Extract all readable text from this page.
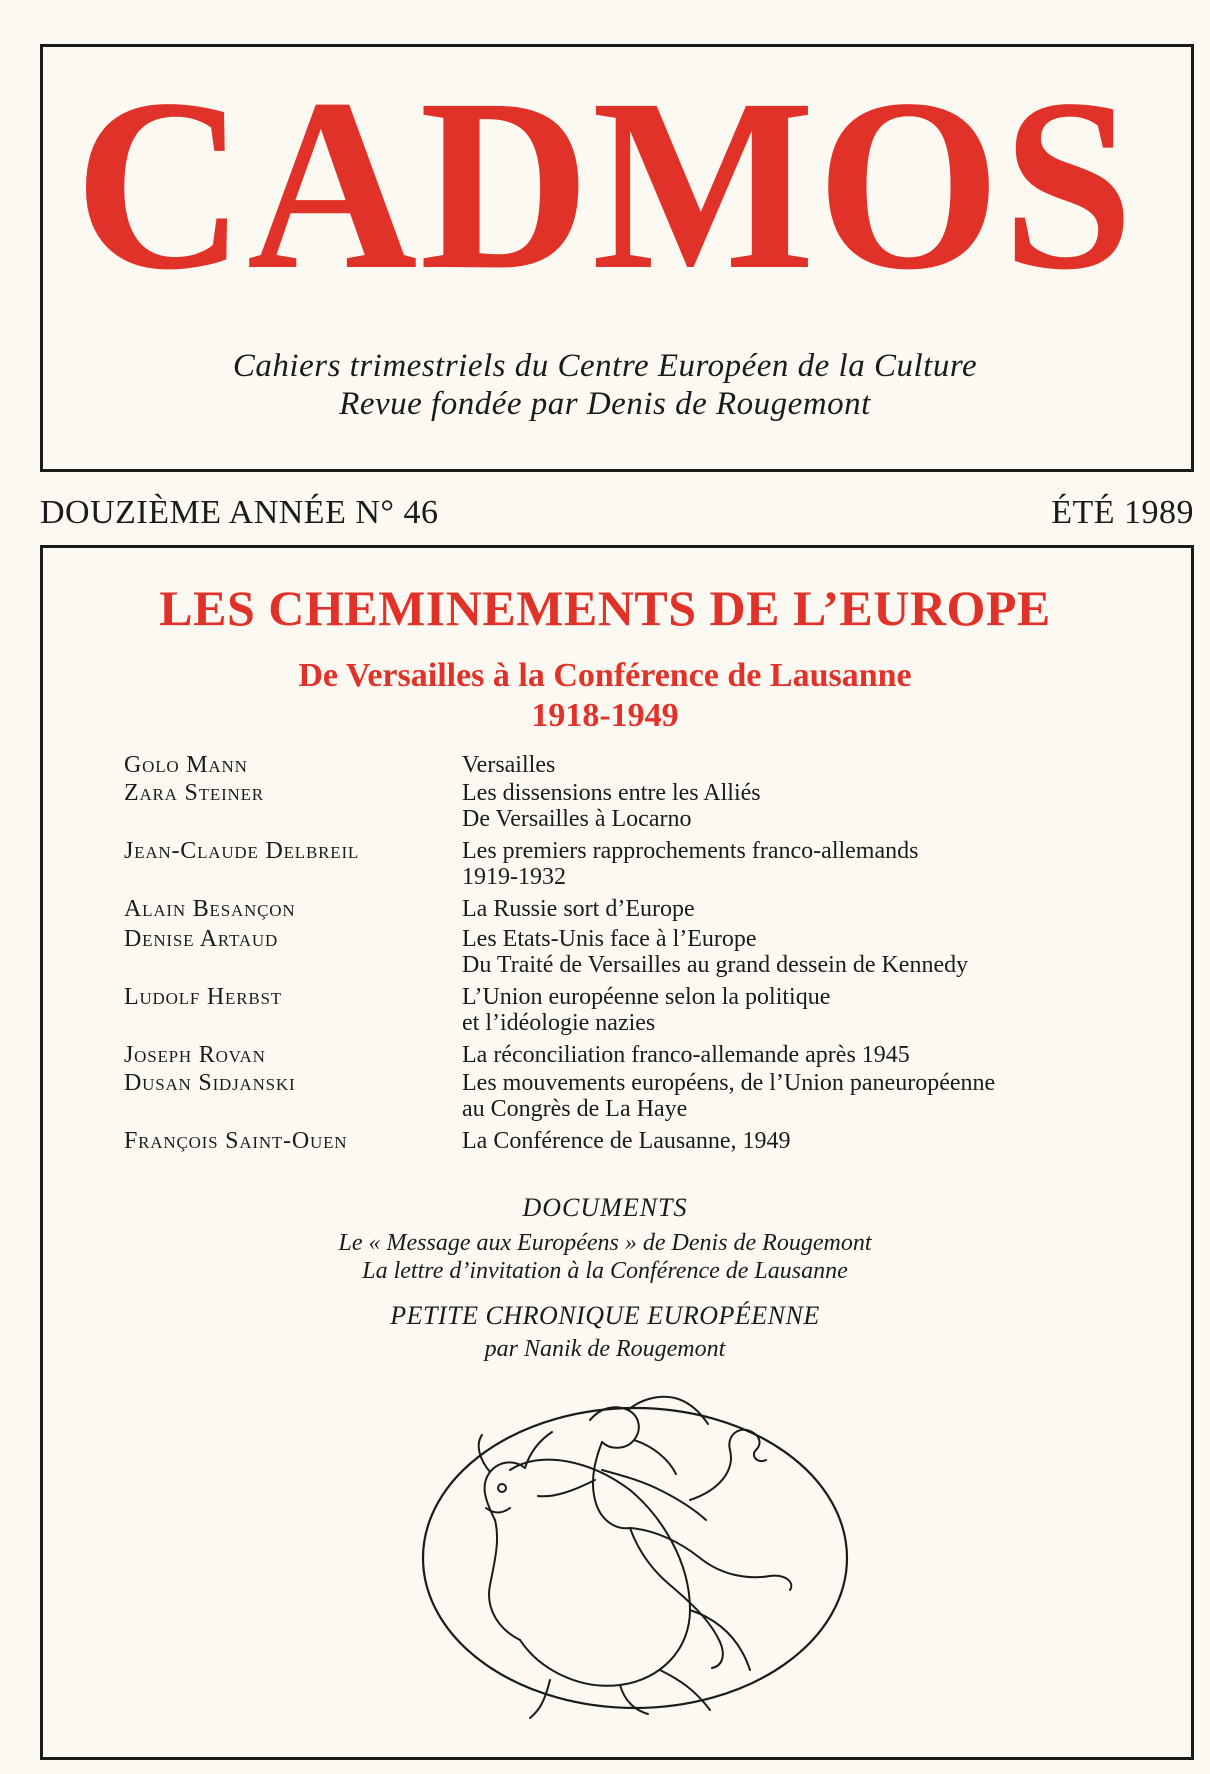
CADMOS
Cahiers trimestriels du Centre Européen de la Culture
Revue fondée par Denis de Rougemont
DOUZIÈME ANNÉE N° 46	ÉTÉ 1989
LES CHEMINEMENTS DE L’EUROPE
De Versailles à la Conférence de Lausanne
1918-1949
Golo Mann	Versailles
Zara Steiner	Les dissensions entre les Alliés
De Versailles à Locarno
Jean-Claude Delbreil	Les premiers rapprochements franco-allemands
1919-1932
Alain Besançon	La Russie sort d’Europe
Denise Artaud	Les Etats-Unis face à l’Europe
Du Traité de Versailles au grand dessein de Kennedy
Ludolf Herbst	L’Union européenne selon la politique
et l’idéologie nazies
Joseph Rovan	La réconciliation franco-allemande après 1945
Dusan Sidjanski	Les mouvements européens, de l’Union paneuropéenne
au Congrès de La Haye
François Saint-Ouen	La Conférence de Lausanne, 1949
DOCUMENTS
Le « Message aux Européens » de Denis de Rougemont
La lettre d’invitation à la Conférence de Lausanne
PETITE CHRONIQUE EUROPÉENNE
par Nanik de Rougemont
